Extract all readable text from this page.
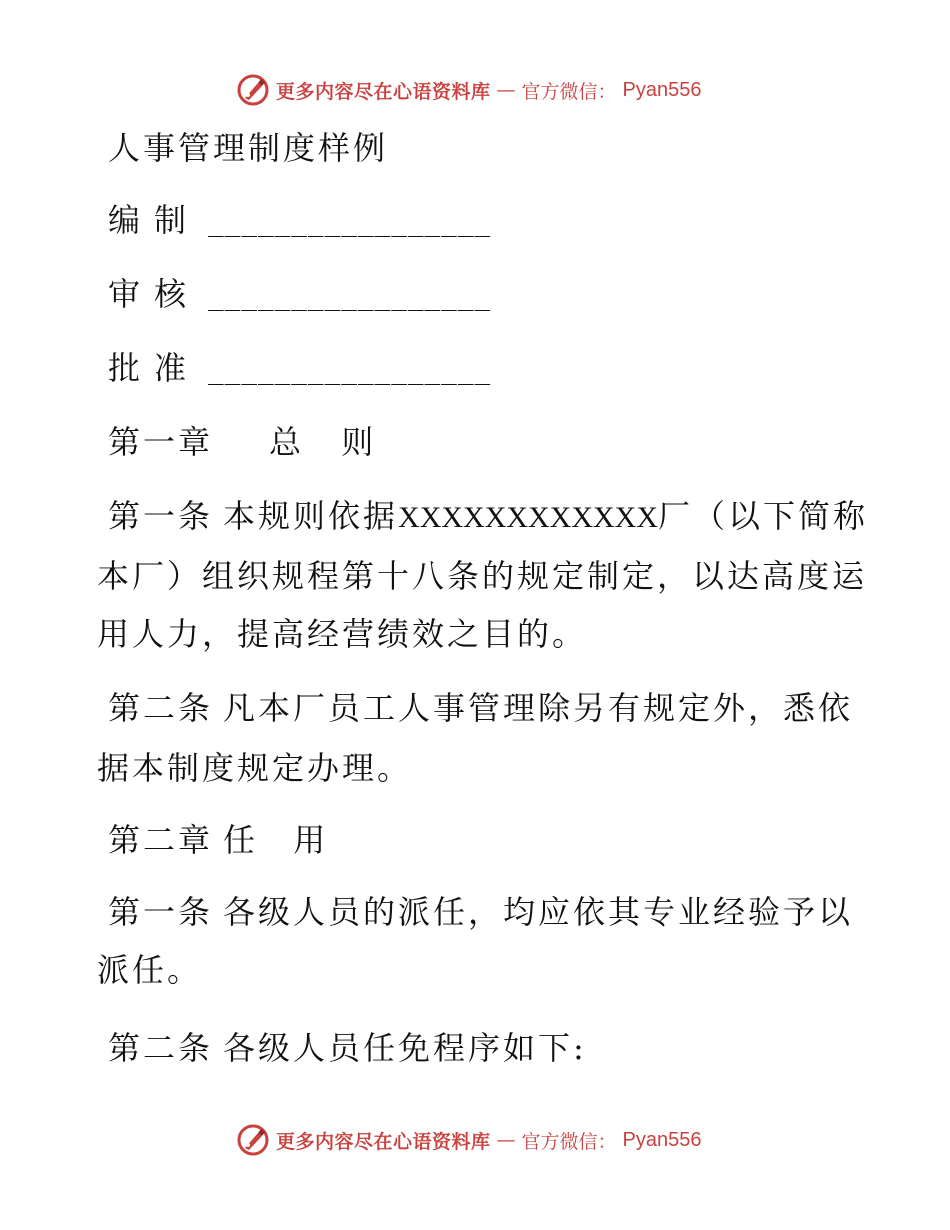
更多内容尽在心语资料库 — 官方微信： Pyan556
人事管理制度样例
编制 _________________
审核 _________________
批准 _________________
第一章 总 则
第一条 本规则依据XXXXXXXXXXXX厂（以下简称
本厂）组织规程第十八条的规定制定，以达高度运
用人力，提高经营绩效之目的。
第二条 凡本厂员工人事管理除另有规定外，悉依
据本制度规定办理。
第二章 任 用
第一条 各级人员的派任，均应依其专业经验予以
派任。
第二条 各级人员任免程序如下:
更多内容尽在心语资料库 — 官方微信： Pyan556
